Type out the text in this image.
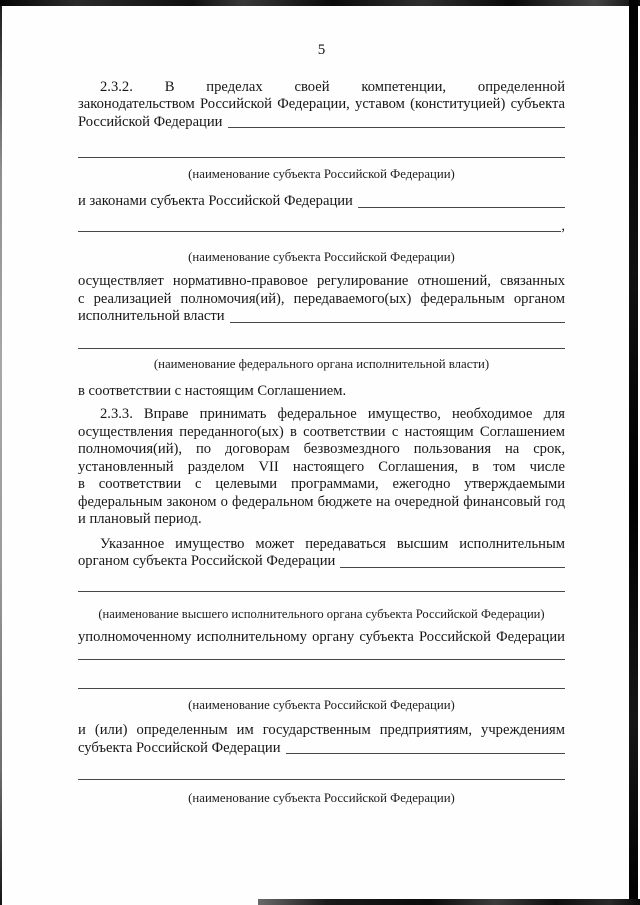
5
2.3.2. В пределах своей компетенции, определенной
законодательством Российской Федерации, уставом (конституцией) субъекта
Российской Федерации
(наименование субъекта Российской Федерации)
и законами субъекта Российской Федерации
,
(наименование субъекта Российской Федерации)
осуществляет нормативно-правовое регулирование отношений, связанных
с реализацией полномочия(ий), передаваемого(ых) федеральным органом
исполнительной власти
(наименование федерального органа исполнительной власти)
в соответствии с настоящим Соглашением.
2.3.3. Вправе принимать федеральное имущество, необходимое для
осуществления переданного(ых) в соответствии с настоящим Соглашением
полномочия(ий), по договорам безвозмездного пользования на срок,
установленный разделом VII настоящего Соглашения, в том числе
в соответствии с целевыми программами, ежегодно утверждаемыми
федеральным законом о федеральном бюджете на очередной финансовый год
и плановый период.
Указанное имущество может передаваться высшим исполнительным
органом субъекта Российской Федерации
(наименование высшего исполнительного органа субъекта Российской Федерации)
уполномоченному исполнительному органу субъекта Российской Федерации
(наименование субъекта Российской Федерации)
и (или) определенным им государственным предприятиям, учреждениям
субъекта Российской Федерации
(наименование субъекта Российской Федерации)
